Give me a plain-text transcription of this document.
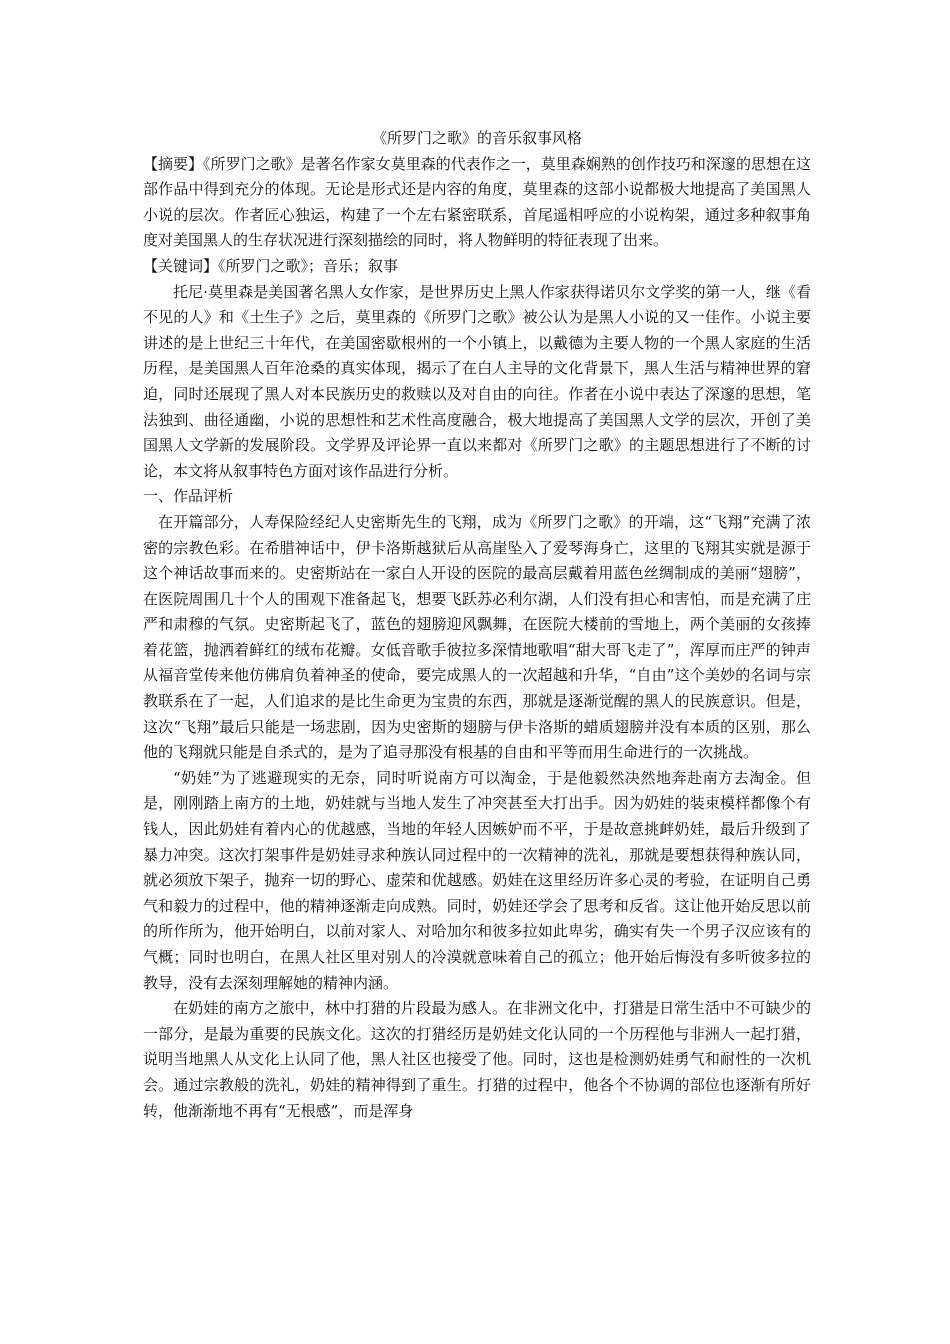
《所罗门之歌》的音乐叙事风格

【摘要】《所罗门之歌》是著名作家女莫里森的代表作之一，莫里森娴熟的创作技巧和深邃的思想在这部作品中得到充分的体现。无论是形式还是内容的角度，莫里森的这部小说都极大地提高了美国黑人小说的层次。作者匠心独运，构建了一个左右紧密联系，首尾遥相呼应的小说构架，通过多种叙事角度对美国黑人的生存状况进行深刻描绘的同时，将人物鲜明的特征表现了出来。

【关键词】《所罗门之歌》；音乐；叙事

托尼·莫里森是美国著名黑人女作家，是世界历史上黑人作家获得诺贝尔文学奖的第一人，继《看不见的人》和《土生子》之后，莫里森的《所罗门之歌》被公认为是黑人小说的又一佳作。小说主要讲述的是上世纪三十年代，在美国密歇根州的一个小镇上，以戴德为主要人物的一个黑人家庭的生活历程，是美国黑人百年沧桑的真实体现，揭示了在白人主导的文化背景下，黑人生活与精神世界的窘迫，同时还展现了黑人对本民族历史的救赎以及对自由的向往。作者在小说中表达了深邃的思想，笔法独到、曲径通幽，小说的思想性和艺术性高度融合，极大地提高了美国黑人文学的层次，开创了美国黑人文学新的发展阶段。文学界及评论界一直以来都对《所罗门之歌》的主题思想进行了不断的讨论，本文将从叙事特色方面对该作品进行分析。

一、作品评析

在开篇部分，人寿保险经纪人史密斯先生的飞翔，成为《所罗门之歌》的开端，这“飞翔”充满了浓密的宗教色彩。在希腊神话中，伊卡洛斯越狱后从高崖坠入了爱琴海身亡，这里的飞翔其实就是源于这个神话故事而来的。史密斯站在一家白人开设的医院的最高层戴着用蓝色丝绸制成的美丽“翅膀”，在医院周围几十个人的围观下准备起飞，想要飞跃苏必利尔湖，人们没有担心和害怕，而是充满了庄严和肃穆的气氛。史密斯起飞了，蓝色的翅膀迎风飘舞，在医院大楼前的雪地上，两个美丽的女孩捧着花篮，抛洒着鲜红的绒布花瓣。女低音歌手彼拉多深情地歌唱“甜大哥飞走了”，浑厚而庄严的钟声从福音堂传来他仿佛肩负着神圣的使命，要完成黑人的一次超越和升华，“自由”这个美妙的名词与宗教联系在了一起，人们追求的是比生命更为宝贵的东西，那就是逐渐觉醒的黑人的民族意识。但是，这次“飞翔”最后只能是一场悲剧，因为史密斯的翅膀与伊卡洛斯的蜡质翅膀并没有本质的区别，那么他的飞翔就只能是自杀式的，是为了追寻那没有根基的自由和平等而用生命进行的一次挑战。

“奶娃”为了逃避现实的无奈，同时听说南方可以淘金，于是他毅然决然地奔赴南方去淘金。但是，刚刚踏上南方的土地，奶娃就与当地人发生了冲突甚至大打出手。因为奶娃的装束模样都像个有钱人，因此奶娃有着内心的优越感，当地的年轻人因嫉妒而不平，于是故意挑衅奶娃，最后升级到了暴力冲突。这次打架事件是奶娃寻求种族认同过程中的一次精神的洗礼，那就是要想获得种族认同，就必须放下架子，抛弃一切的野心、虚荣和优越感。奶娃在这里经历许多心灵的考验，在证明自己勇气和毅力的过程中，他的精神逐渐走向成熟。同时，奶娃还学会了思考和反省。这让他开始反思以前的所作所为，他开始明白，以前对家人、对哈加尔和彼多拉如此卑劣，确实有失一个男子汉应该有的气概；同时也明白，在黑人社区里对别人的冷漠就意味着自己的孤立；他开始后悔没有多听彼多拉的教导，没有去深刻理解她的精神内涵。

在奶娃的南方之旅中，林中打猎的片段最为感人。在非洲文化中，打猎是日常生活中不可缺少的一部分，是最为重要的民族文化。这次的打猎经历是奶娃文化认同的一个历程他与非洲人一起打猎，说明当地黑人从文化上认同了他，黑人社区也接受了他。同时，这也是检测奶娃勇气和耐性的一次机会。通过宗教般的洗礼，奶娃的精神得到了重生。打猎的过程中，他各个不协调的部位也逐渐有所好转，他渐渐地不再有“无根感”，而是浑身
